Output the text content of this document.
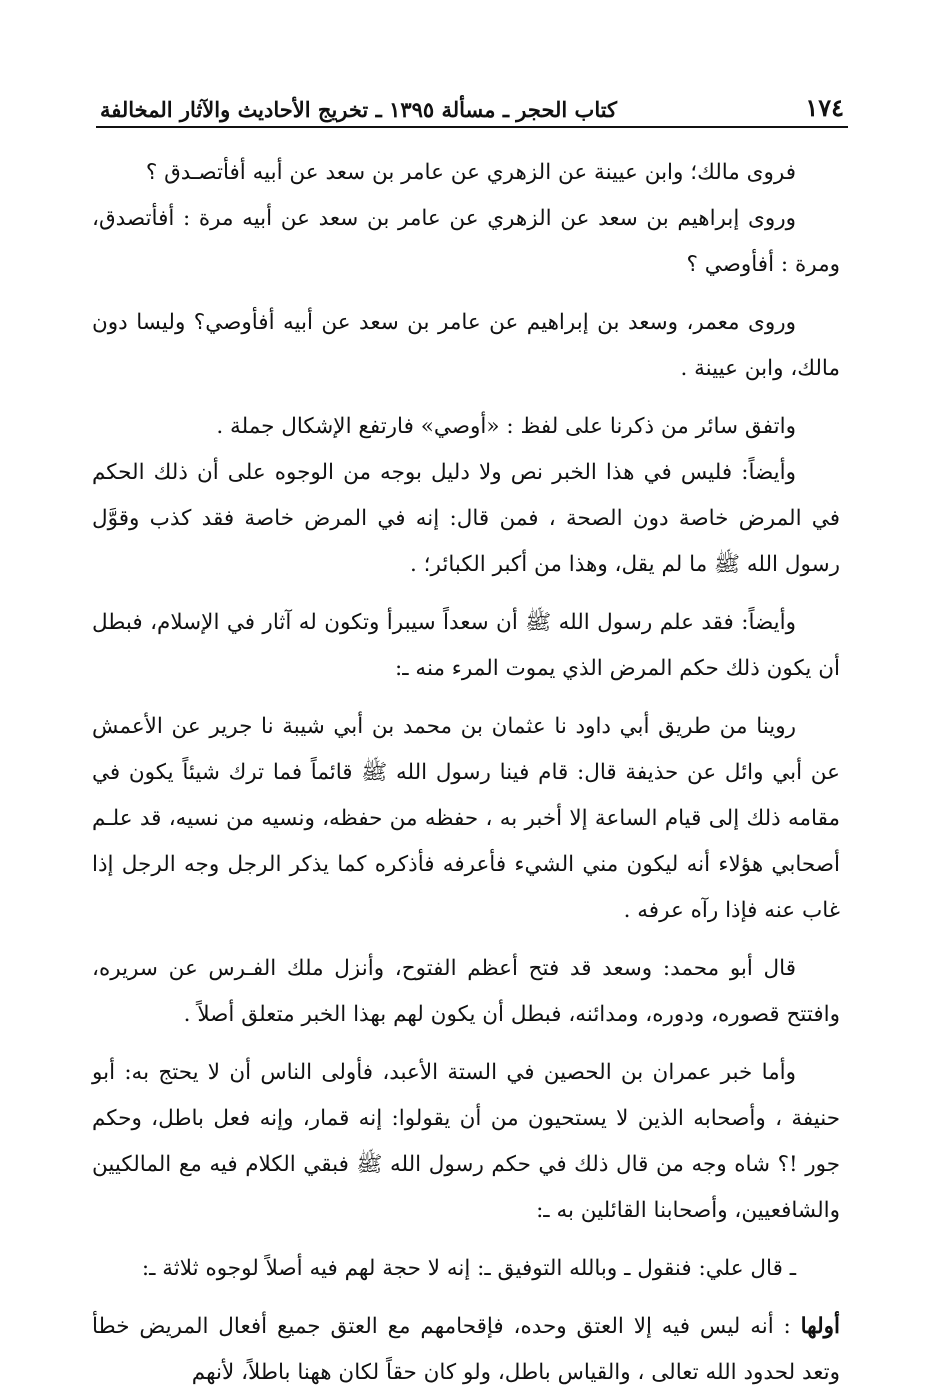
١٧٤
كتاب الحجر ـ مسألة ١٣٩٥ ـ تخريج الأحاديث والآثار المخالفة

فروى مالك؛ وابن عيينة عن الزهري عن عامر بن سعد عن أبيه أفأتصـدق ؟

وروى إبراهيم بن سعد عن الزهري عن عامر بن سعد عن أبيه مرة : أفأتصدق، ومرة : أفأوصي ؟

وروى معمر، وسعد بن إبراهيم عن عامر بن سعد عن أبيه أفأوصي؟ وليسا دون مالك، وابن عيينة .

واتفق سائر من ذكرنا على لفظ : «أوصي» فارتفع الإشكال جملة .

وأيضاً: فليس في هذا الخبر نص ولا دليل بوجه من الوجوه على أن ذلك الحكم في المرض خاصة دون الصحة ، فمن قال: إنه في المرض خاصة فقد كذب وقوَّل رسول الله ﷺ ما لم يقل، وهذا من أكبر الكبائر؛ .

وأيضاً: فقد علم رسول الله ﷺ أن سعداً سيبرأ وتكون له آثار في الإسلام، فبطل أن يكون ذلك حكم المرض الذي يموت المرء منه ـ:

روينا من طريق أبي داود نا عثمان بن محمد بن أبي شيبة نا جرير عن الأعمش عن أبي وائل عن حذيفة قال: قام فينا رسول الله ﷺ قائماً فما ترك شيئاً يكون في مقامه ذلك إلى قيام الساعة إلا أخبر به ، حفظه من حفظه، ونسيه من نسيه، قد علـم أصحابي هؤلاء أنه ليكون مني الشيء فأعرفه فأذكره كما يذكر الرجل وجه الرجل إذا غاب عنه فإذا رآه عرفه .

قال أبو محمد: وسعد قد فتح أعظم الفتوح، وأنزل ملك الفـرس عن سريره، وافتتح قصوره، ودوره، ومدائنه، فبطل أن يكون لهم بهذا الخبر متعلق أصلاً .

وأما خبر عمران بن الحصين في الستة الأعبد، فأولى الناس أن لا يحتج به: أبو حنيفة ، وأصحابه الذين لا يستحيون من أن يقولوا: إنه قمار، وإنه فعل باطل، وحكم جور !؟ شاه وجه من قال ذلك في حكم رسول الله ﷺ فبقي الكلام فيه مع المالكيين والشافعيين، وأصحابنا القائلين به ـ:

ـ قال علي: فنقول ـ وبالله التوفيق ـ: إنه لا حجة لهم فيه أصلاً لوجوه ثلاثة ـ:

أولها : أنه ليس فيه إلا العتق وحده، فإقحامهم مع العتق جميع أفعال المريض خطأ وتعد لحدود الله تعالى ، والقياس باطل، ولو كان حقاً لكان ههنا باطلاً، لأنهم
